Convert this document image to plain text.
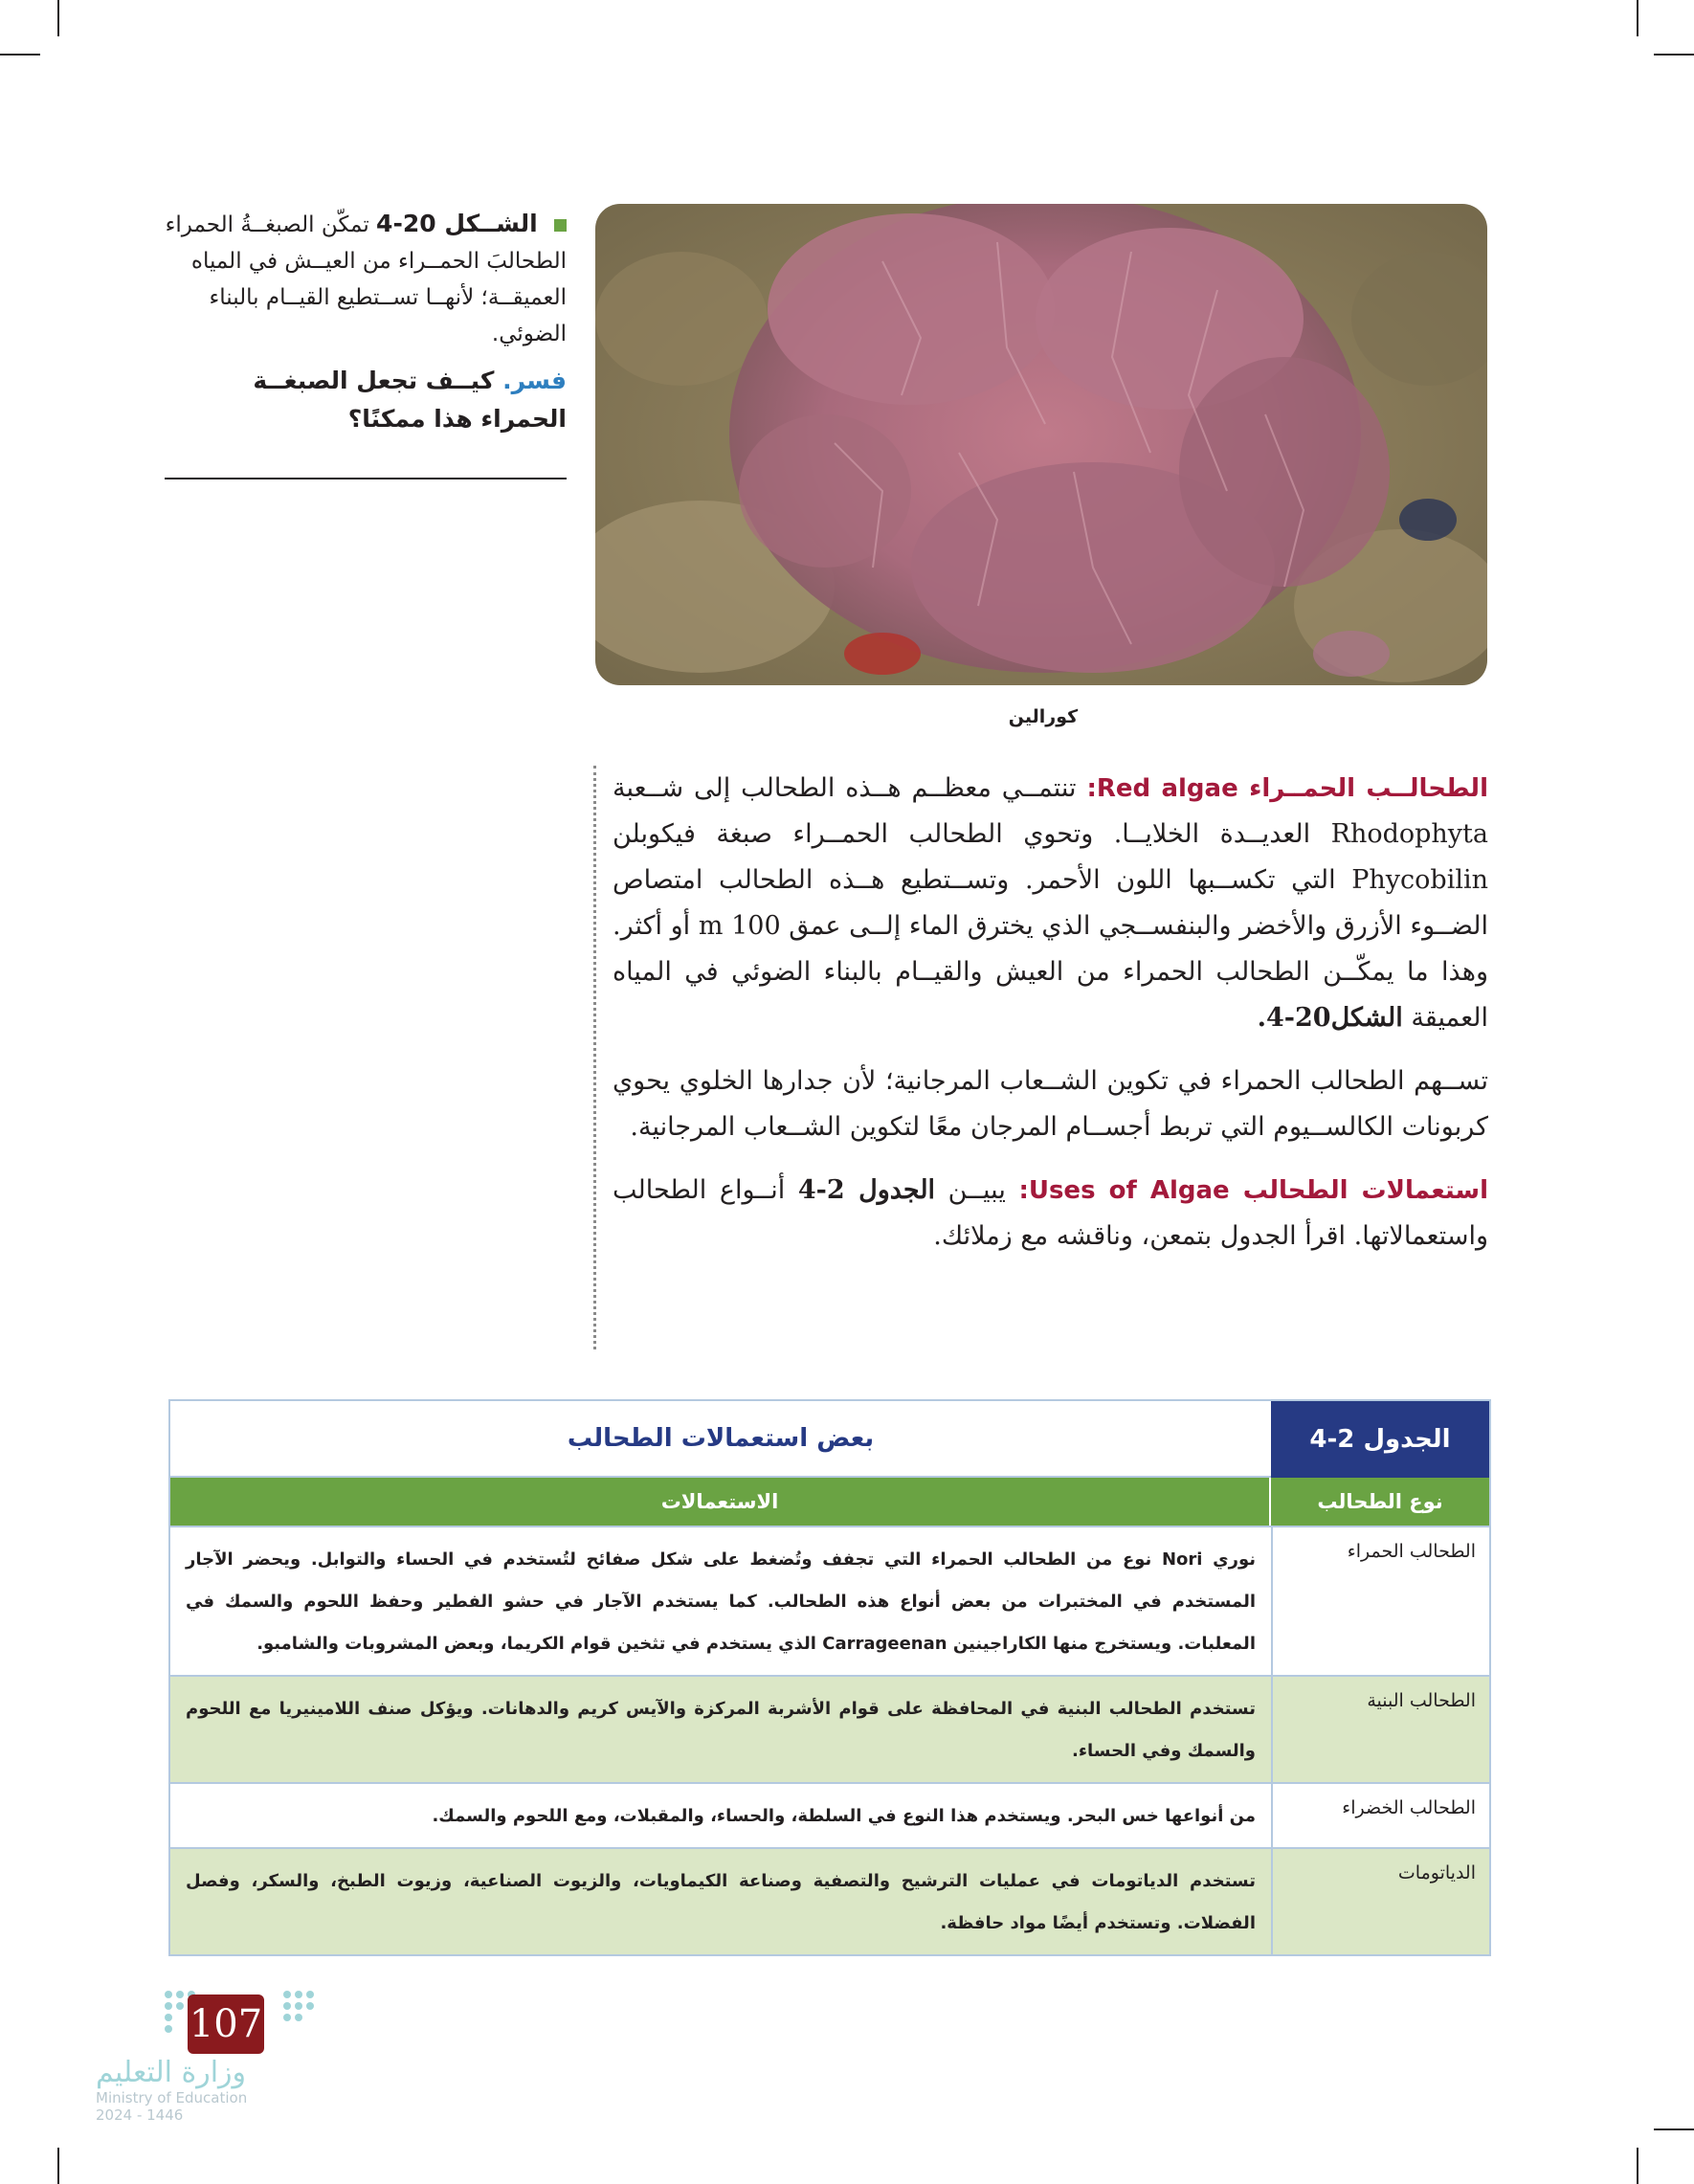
كورالين
الشــكل 20-4 تمكّن الصبغــةُ الحمراء الطحالبَ الحمــراء من العيــش في المياه العميقــة؛ لأنهــا تســتطيع القيــام بالبناء الضوئي.
فسر. كيــف تجعل الصبغــة الحمراء هذا ممكنًا؟

الطحالــب الحمــراء Red algae: تنتمــي معظــم هــذه الطحالب إلى شــعبة Rhodophyta العديــدة الخلايــا. وتحوي الطحالب الحمــراء صبغة فيكوبلن Phycobilin التي تكســبها اللون الأحمر. وتســتطيع هــذه الطحالب امتصاص الضــوء الأزرق والأخضر والبنفســجي الذي يخترق الماء إلــى عمق 100 m أو أكثر. وهذا ما يمكّــن الطحالب الحمراء من العيش والقيــام بالبناء الضوئي في المياه العميقة الشكل20-4.

تســهم الطحالب الحمراء في تكوين الشــعاب المرجانية؛ لأن جدارها الخلوي يحوي كربونات الكالســيوم التي تربط أجســام المرجان معًا لتكوين الشــعاب المرجانية.

استعمالات الطحالب Uses of Algae: يبيــن الجدول 2-4 أنــواع الطحالب واستعمالاتها. اقرأ الجدول بتمعن، وناقشه مع زملائك.

الجدول 2-4
بعض استعمالات الطحالب
نوع الطحالب
الاستعمالات
الطحالب الحمراء
نوري Nori نوع من الطحالب الحمراء التي تجفف وتُضغط على شكل صفائح لتُستخدم في الحساء والتوابل. ويحضر الآجار المستخدم في المختبرات من بعض أنواع هذه الطحالب. كما يستخدم الآجار في حشو الفطير وحفظ اللحوم والسمك في المعلبات. ويستخرج منها الكاراجينين Carrageenan الذي يستخدم في تثخين قوام الكريما، وبعض المشروبات والشامبو.
الطحالب البنية
تستخدم الطحالب البنية في المحافظة على قوام الأشربة المركزة والآيس كريم والدهانات. ويؤكل صنف اللامينيريا مع اللحوم والسمك وفي الحساء.
الطحالب الخضراء
من أنواعها خس البحر. ويستخدم هذا النوع في السلطة، والحساء، والمقبلات، ومع اللحوم والسمك.
الدياتومات
تستخدم الدياتومات في عمليات الترشيح والتصفية وصناعة الكيماويات، والزيوت الصناعية، وزيوت الطبخ، والسكر، وفصل الفضلات. وتستخدم أيضًا مواد حافظة.
107
وزارة التعليم
Ministry of Education
2024 - 1446
